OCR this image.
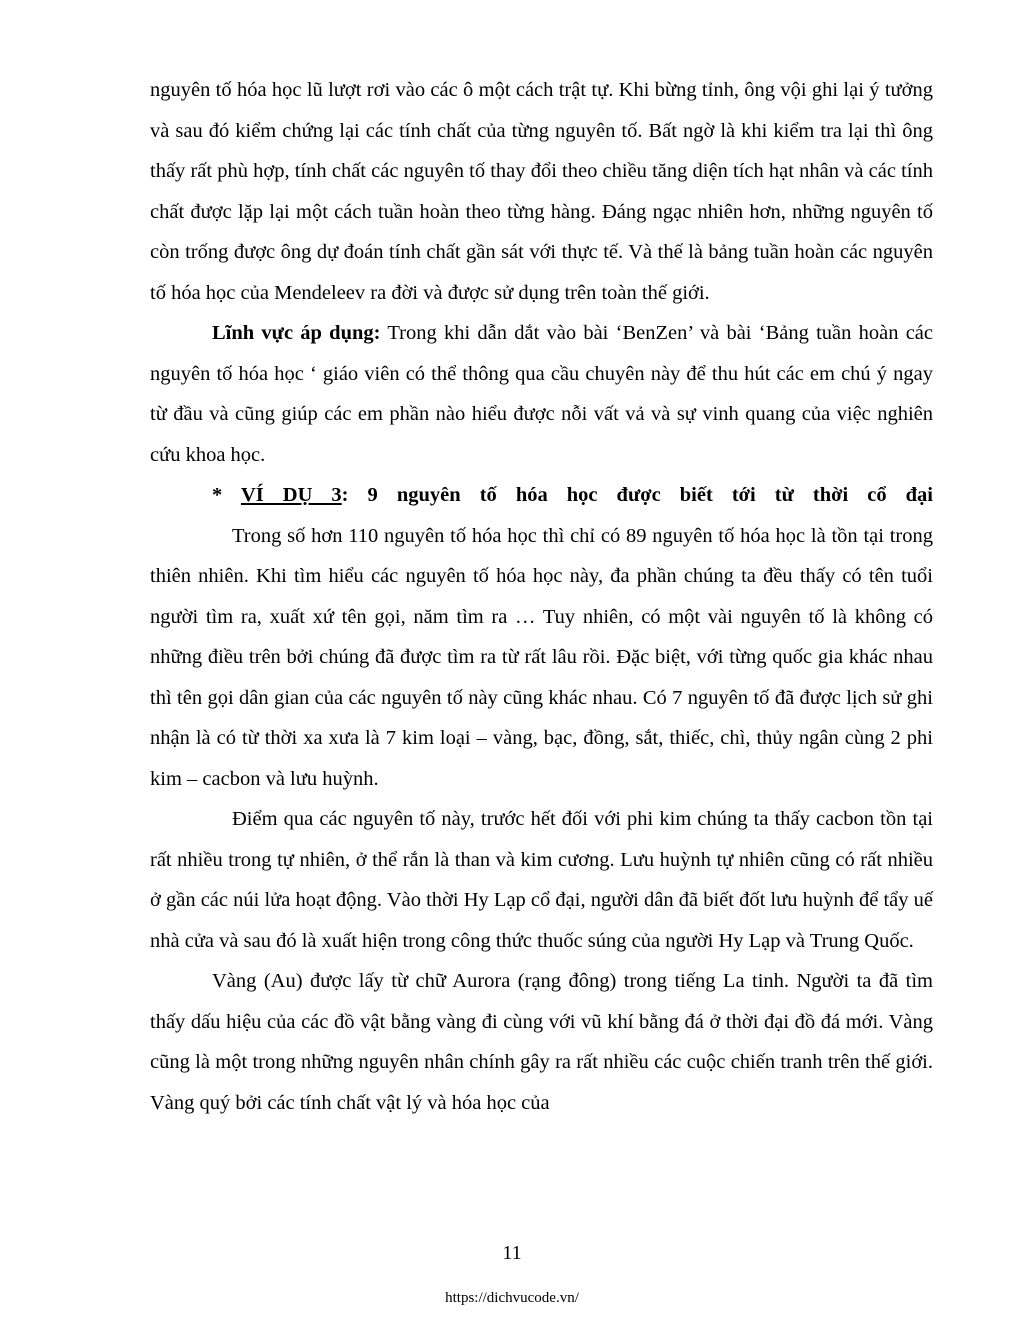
nguyên tố hóa học lũ lượt rơi vào các ô một cách trật tự. Khi bừng tỉnh, ông vội ghi lại ý tưởng và sau đó kiểm chứng lại các tính chất của từng nguyên tố. Bất ngờ là khi kiểm tra lại thì ông thấy rất phù hợp, tính chất các nguyên tố thay đổi theo chiều tăng diện tích hạt nhân và các tính chất được lặp lại một cách tuần hoàn theo từng hàng. Đáng ngạc nhiên hơn, những nguyên tố còn trống được ông dự đoán tính chất gần sát với thực tế. Và thế là bảng tuần hoàn các nguyên tố hóa học của Mendeleev ra đời và được sử dụng trên toàn thế giới.

Lĩnh vực áp dụng: Trong khi dẫn dắt vào bài ‘BenZen’ và bài ‘Bảng tuần hoàn các nguyên tố hóa học ‘ giáo viên có thể thông qua cầu chuyên này để thu hút các em chú ý ngay từ đầu và cũng giúp các em phần nào hiểu được nỗi vất vả và sự vinh quang của việc nghiên cứu khoa học.

* VÍ DỤ 3: 9 nguyên tố hóa học được biết tới từ thời cổ đại

Trong số hơn 110 nguyên tố hóa học thì chỉ có 89 nguyên tố hóa học là tồn tại trong thiên nhiên. Khi tìm hiểu các nguyên tố hóa học này, đa phần chúng ta đều thấy có tên tuổi người tìm ra, xuất xứ tên gọi, năm tìm ra … Tuy nhiên, có một vài nguyên tố là không có những điều trên bởi chúng đã được tìm ra từ rất lâu rồi. Đặc biệt, với từng quốc gia khác nhau thì tên gọi dân gian của các nguyên tố này cũng khác nhau. Có 7 nguyên tố đã được lịch sử ghi nhận là có từ thời xa xưa là 7 kim loại – vàng, bạc, đồng, sắt, thiếc, chì, thủy ngân cùng 2 phi kim – cacbon và lưu huỳnh.

Điểm qua các nguyên tố này, trước hết đối với phi kim chúng ta thấy cacbon tồn tại rất nhiều trong tự nhiên, ở thể rắn là than và kim cương. Lưu huỳnh tự nhiên cũng có rất nhiều ở gần các núi lửa hoạt động. Vào thời Hy Lạp cổ đại, người dân đã biết đốt lưu huỳnh để tẩy uế nhà cửa và sau đó là xuất hiện trong công thức thuốc súng của người Hy Lạp và Trung Quốc.

Vàng (Au) được lấy từ chữ Aurora (rạng đông) trong tiếng La tinh. Người ta đã tìm thấy dấu hiệu của các đồ vật bằng vàng đi cùng với vũ khí bằng đá ở thời đại đồ đá mới. Vàng cũng là một trong những nguyên nhân chính gây ra rất nhiều các cuộc chiến tranh trên thế giới. Vàng quý bởi các tính chất vật lý và hóa học của

11
https://dichvucode.vn/
